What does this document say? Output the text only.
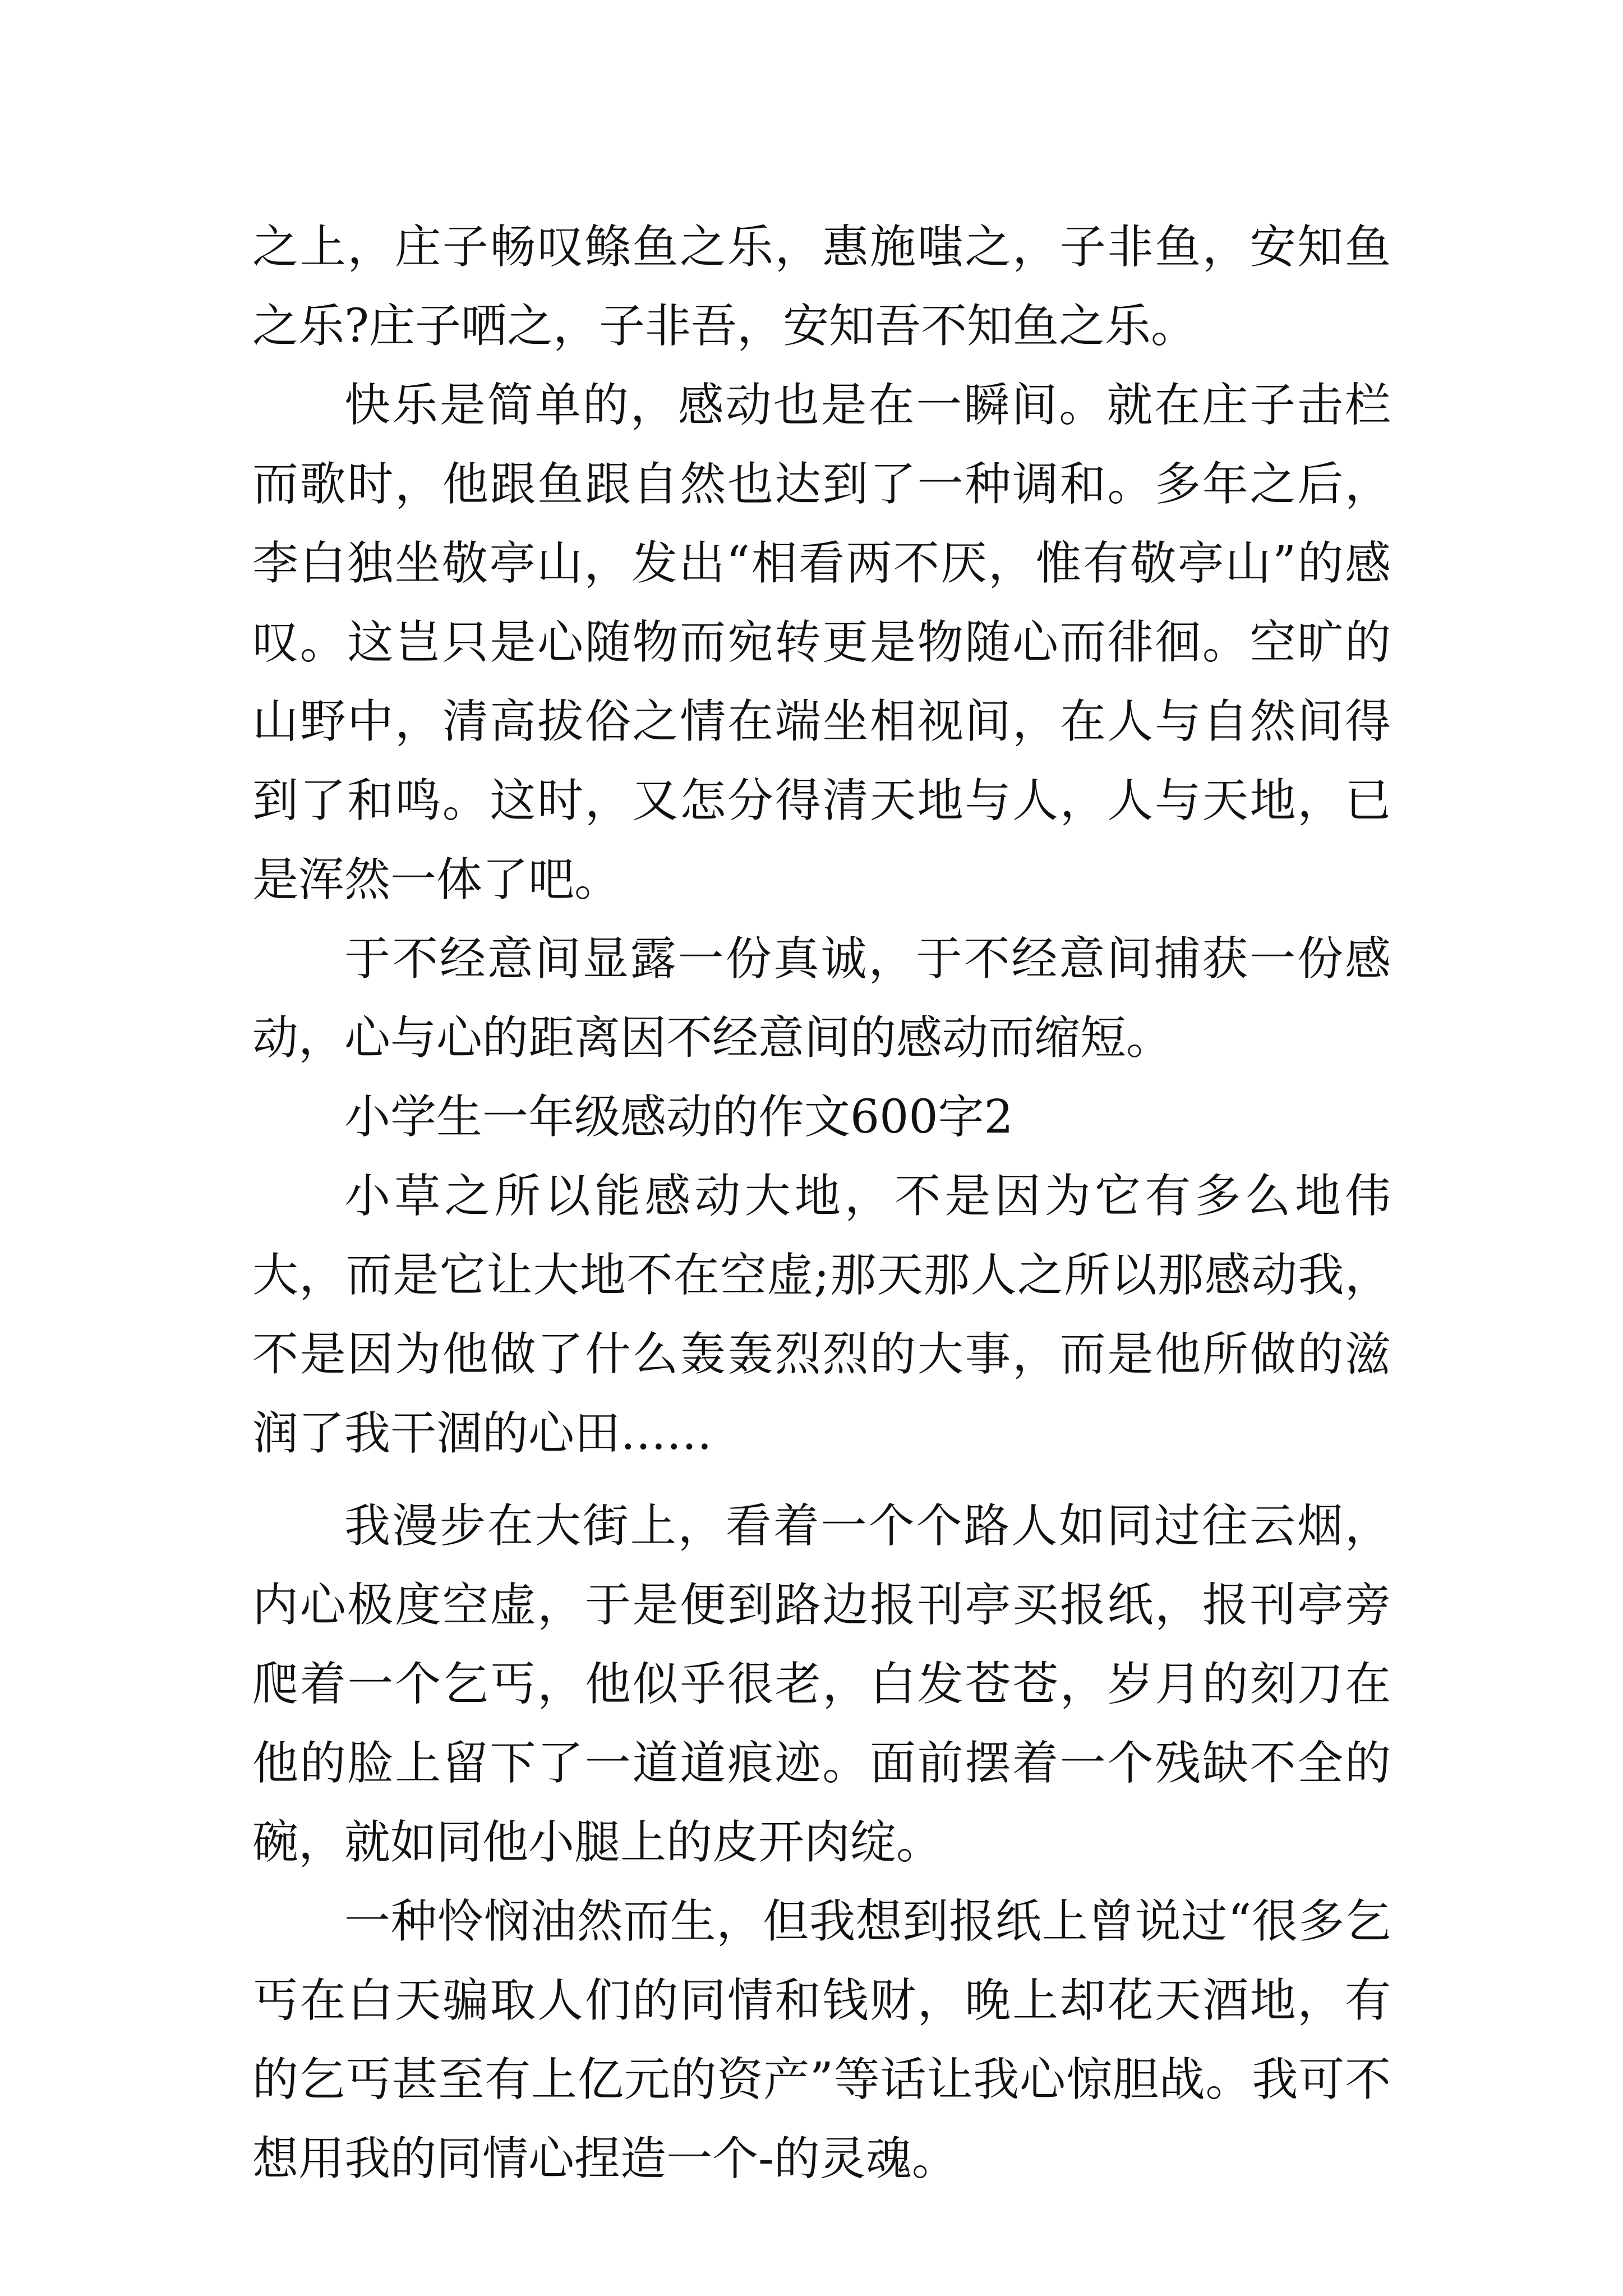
之上，庄子畅叹鲦鱼之乐，惠施嗤之，子非鱼，安知鱼之乐?庄子哂之，子非吾，安知吾不知鱼之乐。

快乐是简单的，感动也是在一瞬间。就在庄子击栏而歌时，他跟鱼跟自然也达到了一种调和。多年之后，李白独坐敬亭山，发出“相看两不厌，惟有敬亭山”的感叹。这岂只是心随物而宛转更是物随心而徘徊。空旷的山野中，清高拔俗之情在端坐相视间，在人与自然间得到了和鸣。这时，又怎分得清天地与人，人与天地，已是浑然一体了吧。

于不经意间显露一份真诚，于不经意间捕获一份感动，心与心的距离因不经意间的感动而缩短。

小学生一年级感动的作文600字2

小草之所以能感动大地，不是因为它有多么地伟大，而是它让大地不在空虚;那天那人之所以那感动我，不是因为他做了什么轰轰烈烈的大事，而是他所做的滋润了我干涸的心田……

我漫步在大街上，看着一个个路人如同过往云烟，内心极度空虚，于是便到路边报刊亭买报纸，报刊亭旁爬着一个乞丐，他似乎很老，白发苍苍，岁月的刻刀在他的脸上留下了一道道痕迹。面前摆着一个残缺不全的碗，就如同他小腿上的皮开肉绽。

一种怜悯油然而生，但我想到报纸上曾说过“很多乞丐在白天骗取人们的同情和钱财，晚上却花天酒地，有的乞丐甚至有上亿元的资产”等话让我心惊胆战。我可不想用我的同情心捏造一个-的灵魂。
